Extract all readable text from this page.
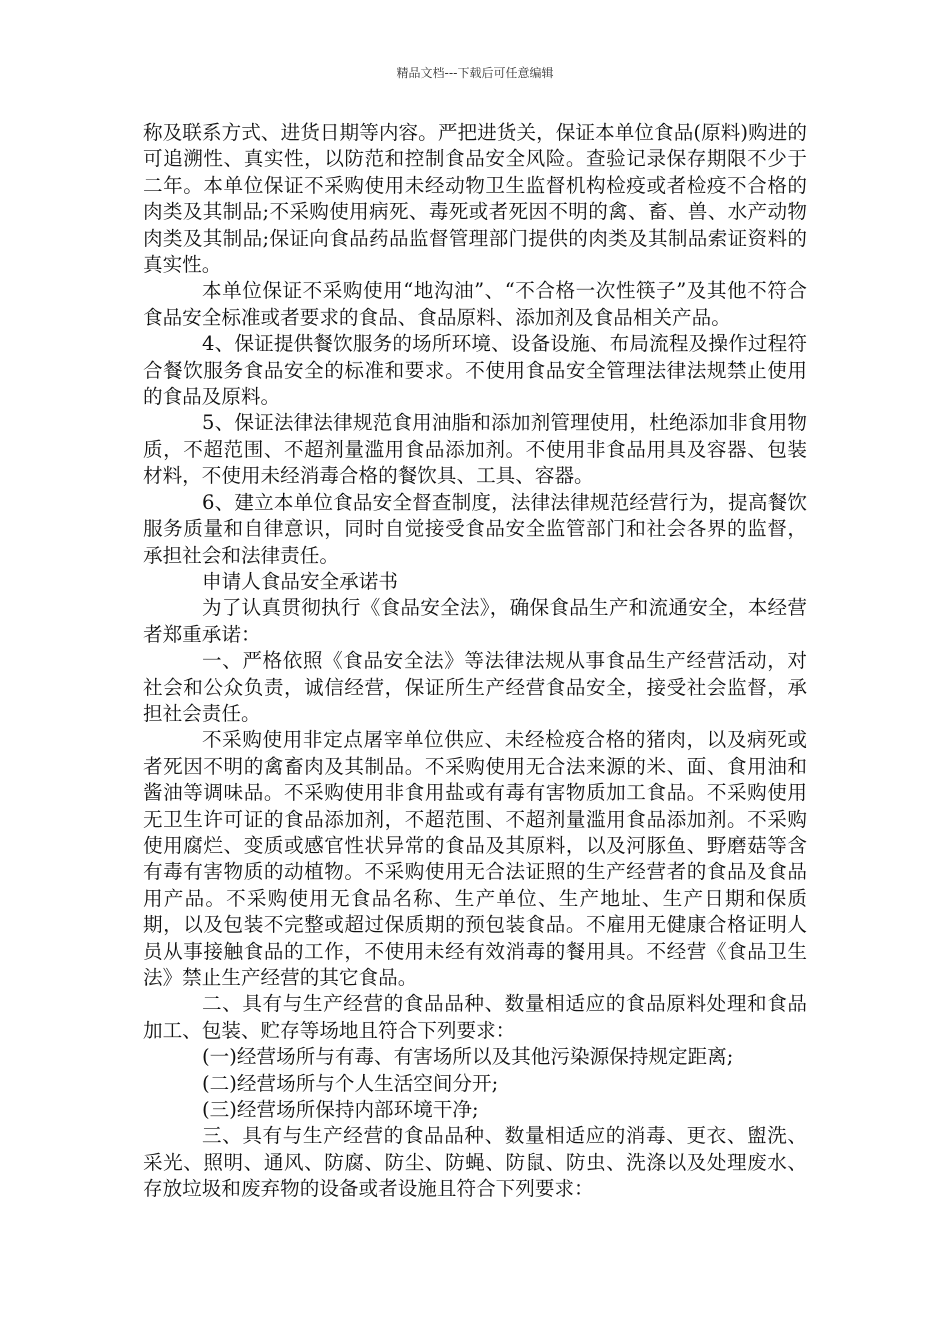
精品文档---下载后可任意编辑

称及联系方式、进货日期等内容。严把进货关，保证本单位食品(原料)购进的可追溯性、真实性，以防范和控制食品安全风险。查验记录保存期限不少于二年。本单位保证不采购使用未经动物卫生监督机构检疫或者检疫不合格的肉类及其制品;不采购使用病死、毒死或者死因不明的禽、畜、兽、水产动物肉类及其制品;保证向食品药品监督管理部门提供的肉类及其制品索证资料的真实性。

本单位保证不采购使用“地沟油”、“不合格一次性筷子”及其他不符合食品安全标准或者要求的食品、食品原料、添加剂及食品相关产品。

4、保证提供餐饮服务的场所环境、设备设施、布局流程及操作过程符合餐饮服务食品安全的标准和要求。不使用食品安全管理法律法规禁止使用的食品及原料。

5、保证法律法律规范食用油脂和添加剂管理使用，杜绝添加非食用物质，不超范围、不超剂量滥用食品添加剂。不使用非食品用具及容器、包装材料，不使用未经消毒合格的餐饮具、工具、容器。

6、建立本单位食品安全督查制度，法律法律规范经营行为，提高餐饮服务质量和自律意识，同时自觉接受食品安全监管部门和社会各界的监督，承担社会和法律责任。

申请人食品安全承诺书

为了认真贯彻执行《食品安全法》，确保食品生产和流通安全，本经营者郑重承诺：

一、严格依照《食品安全法》等法律法规从事食品生产经营活动，对社会和公众负责，诚信经营，保证所生产经营食品安全，接受社会监督，承担社会责任。

不采购使用非定点屠宰单位供应、未经检疫合格的猪肉，以及病死或者死因不明的禽畜肉及其制品。不采购使用无合法来源的米、面、食用油和酱油等调味品。不采购使用非食用盐或有毒有害物质加工食品。不采购使用无卫生许可证的食品添加剂，不超范围、不超剂量滥用食品添加剂。不采购使用腐烂、变质或感官性状异常的食品及其原料，以及河豚鱼、野磨菇等含有毒有害物质的动植物。不采购使用无合法证照的生产经营者的食品及食品用产品。不采购使用无食品名称、生产单位、生产地址、生产日期和保质期，以及包装不完整或超过保质期的预包装食品。不雇用无健康合格证明人员从事接触食品的工作，不使用未经有效消毒的餐用具。不经营《食品卫生法》禁止生产经营的其它食品。

二、具有与生产经营的食品品种、数量相适应的食品原料处理和食品加工、包装、贮存等场地且符合下列要求：

(一)经营场所与有毒、有害场所以及其他污染源保持规定距离;

(二)经营场所与个人生活空间分开;

(三)经营场所保持内部环境干净;

三、具有与生产经营的食品品种、数量相适应的消毒、更衣、盥洗、采光、照明、通风、防腐、防尘、防蝇、防鼠、防虫、洗涤以及处理废水、存放垃圾和废弃物的设备或者设施且符合下列要求：
